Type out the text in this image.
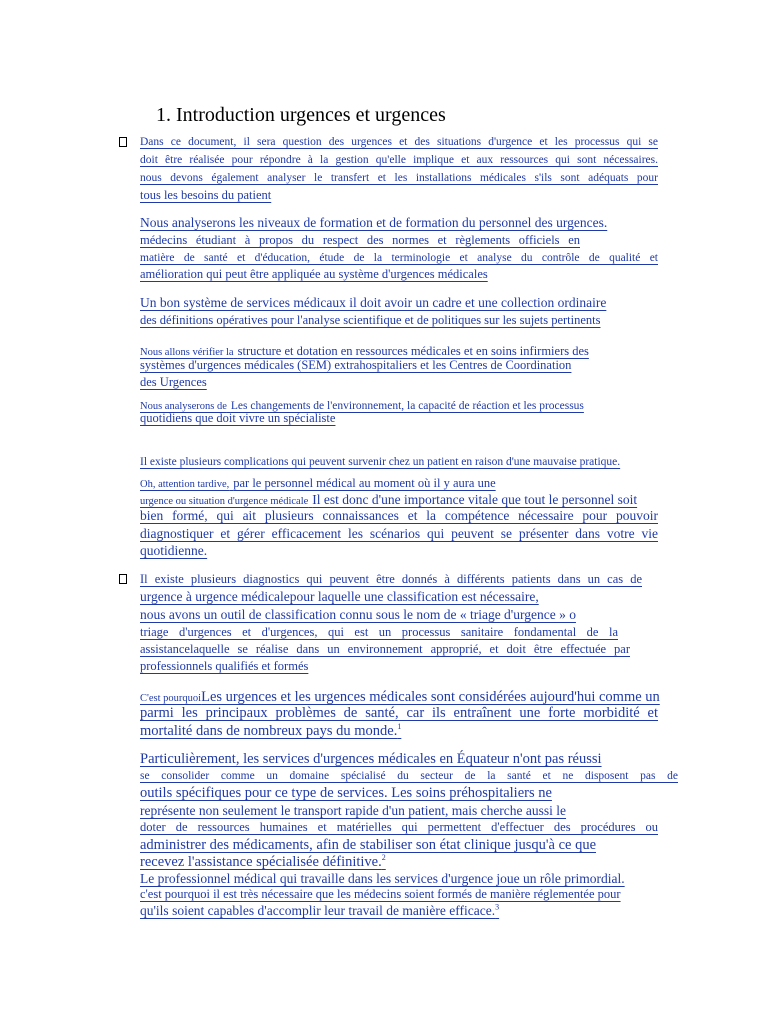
1. Introduction urgences et urgences
Dans ce document, il sera question des urgences et des situations d'urgence et les processus qui se
doit être réalisée pour répondre à la gestion qu'elle implique et aux ressources qui sont nécessaires.
nous devons également analyser le transfert et les installations médicales s'ils sont adéquats pour
tous les besoins du patient
Nous analyserons les niveaux de formation et de formation du personnel des urgences.
médecins étudiant à propos du respect des normes et règlements officiels en
matière de santé et d'éducation, étude de la terminologie et analyse du contrôle de qualité et
amélioration qui peut être appliquée au système d'urgences médicales
Un bon système de services médicaux il doit avoir un cadre et une collection ordinaire
des définitions opératives pour l'analyse scientifique et de politiques sur les sujets pertinents
Nous allons vérifier la structure et dotation en ressources médicales et en soins infirmiers des
systèmes d'urgences médicales (SEM) extrahospitaliers et les Centres de Coordination
des Urgences
Nous analyserons de Les changements de l'environnement, la capacité de réaction et les processus
quotidiens que doit vivre un spécialiste
Il existe plusieurs complications qui peuvent survenir chez un patient en raison d'une mauvaise pratique.
Oh, attention tardive, par le personnel médical au moment où il y aura une
urgence ou situation d'urgence médicale Il est donc d'une importance vitale que tout le personnel soit
bien formé, qui ait plusieurs connaissances et la compétence nécessaire pour pouvoir
diagnostiquer et gérer efficacement les scénarios qui peuvent se présenter dans votre vie
quotidienne.
Il existe plusieurs diagnostics qui peuvent être donnés à différents patients dans un cas de
urgence à urgence médicalepour laquelle une classification est nécessaire,
nous avons un outil de classification connu sous le nom de « triage d'urgence » o
triage d'urgences et d'urgences, qui est un processus sanitaire fondamental de la
assistancelaquelle se réalise dans un environnement approprié, et doit être effectuée par
professionnels qualifiés et formés
C'est pourquoiLes urgences et les urgences médicales sont considérées aujourd'hui comme un
parmi les principaux problèmes de santé, car ils entraînent une forte morbidité et
mortalité dans de nombreux pays du monde.$^1$
Particulièrement, les services d'urgences médicales en Équateur n'ont pas réussi
se consolider comme un domaine spécialisé du secteur de la santé et ne disposent pas de
outils spécifiques pour ce type de services. Les soins préhospitaliers ne
représente non seulement le transport rapide d'un patient, mais cherche aussi le
doter de ressources humaines et matérielles qui permettent d'effectuer des procédures ou
administrer des médicaments, afin de stabiliser son état clinique jusqu'à ce que
recevez l'assistance spécialisée définitive.$^2$
Le professionnel médical qui travaille dans les services d'urgence joue un rôle primordial.
c'est pourquoi il est très nécessaire que les médecins soient formés de manière réglementée pour
qu'ils soient capables d'accomplir leur travail de manière efficace.$^3$
